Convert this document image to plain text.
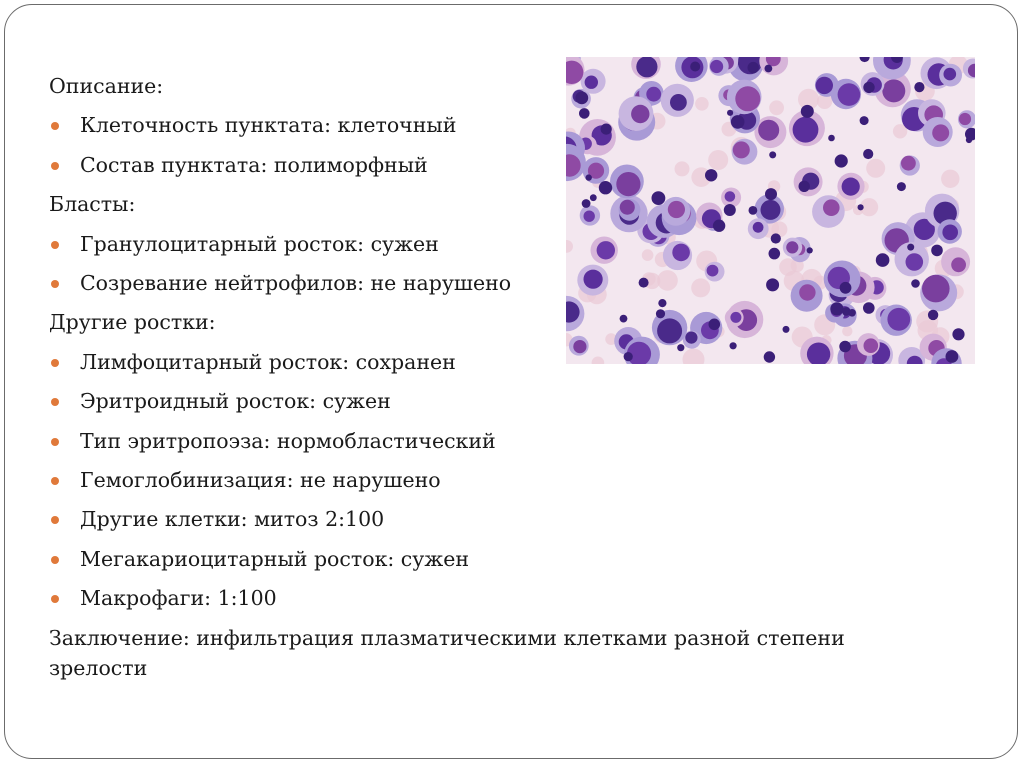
Описание:
Клеточность пунктата: клеточный
Состав пунктата: полиморфный
Бласты:
Гранулоцитарный росток: сужен
Созревание нейтрофилов: не нарушено
Другие ростки:
Лимфоцитарный росток: сохранен
Эритроидный росток: сужен
Тип эритропоэза: нормобластический
Гемоглобинизация: не нарушено
Другие клетки: митоз 2:100
Мегакариоцитарный росток: сужен
Макрофаги: 1:100
Заключение: инфильтрация плазматическими клетками разной степени зрелости
